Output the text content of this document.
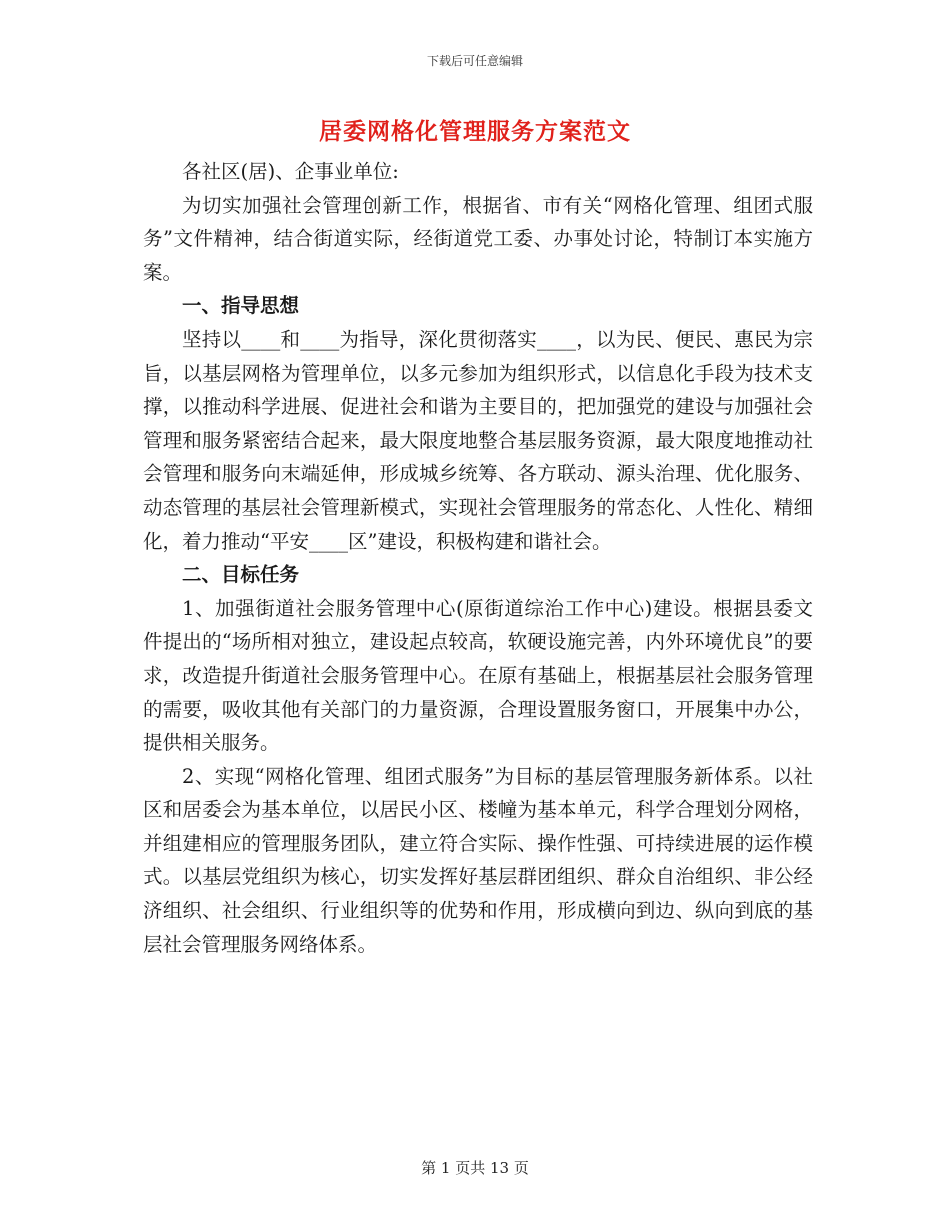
下载后可任意编辑
居委网格化管理服务方案范文

各社区(居)、企事业单位:

为切实加强社会管理创新工作，根据省、市有关“网格化管理、组团式服务”文件精神，结合街道实际，经街道党工委、办事处讨论，特制订本实施方案。

一、指导思想

坚持以____和____为指导，深化贯彻落实____，以为民、便民、惠民为宗旨，以基层网格为管理单位，以多元参加为组织形式，以信息化手段为技术支撑，以推动科学进展、促进社会和谐为主要目的，把加强党的建设与加强社会管理和服务紧密结合起来，最大限度地整合基层服务资源，最大限度地推动社会管理和服务向末端延伸，形成城乡统筹、各方联动、源头治理、优化服务、动态管理的基层社会管理新模式，实现社会管理服务的常态化、人性化、精细化，着力推动“平安____区”建设，积极构建和谐社会。

二、目标任务

1、加强街道社会服务管理中心(原街道综治工作中心)建设。根据县委文件提出的“场所相对独立，建设起点较高，软硬设施完善，内外环境优良”的要求，改造提升街道社会服务管理中心。在原有基础上，根据基层社会服务管理的需要，吸收其他有关部门的力量资源，合理设置服务窗口，开展集中办公，提供相关服务。

2、实现“网格化管理、组团式服务”为目标的基层管理服务新体系。以社区和居委会为基本单位，以居民小区、楼幢为基本单元，科学合理划分网格，并组建相应的管理服务团队，建立符合实际、操作性强、可持续进展的运作模式。以基层党组织为核心，切实发挥好基层群团组织、群众自治组织、非公经济组织、社会组织、行业组织等的优势和作用，形成横向到边、纵向到底的基层社会管理服务网络体系。

第 1 页共 13 页
